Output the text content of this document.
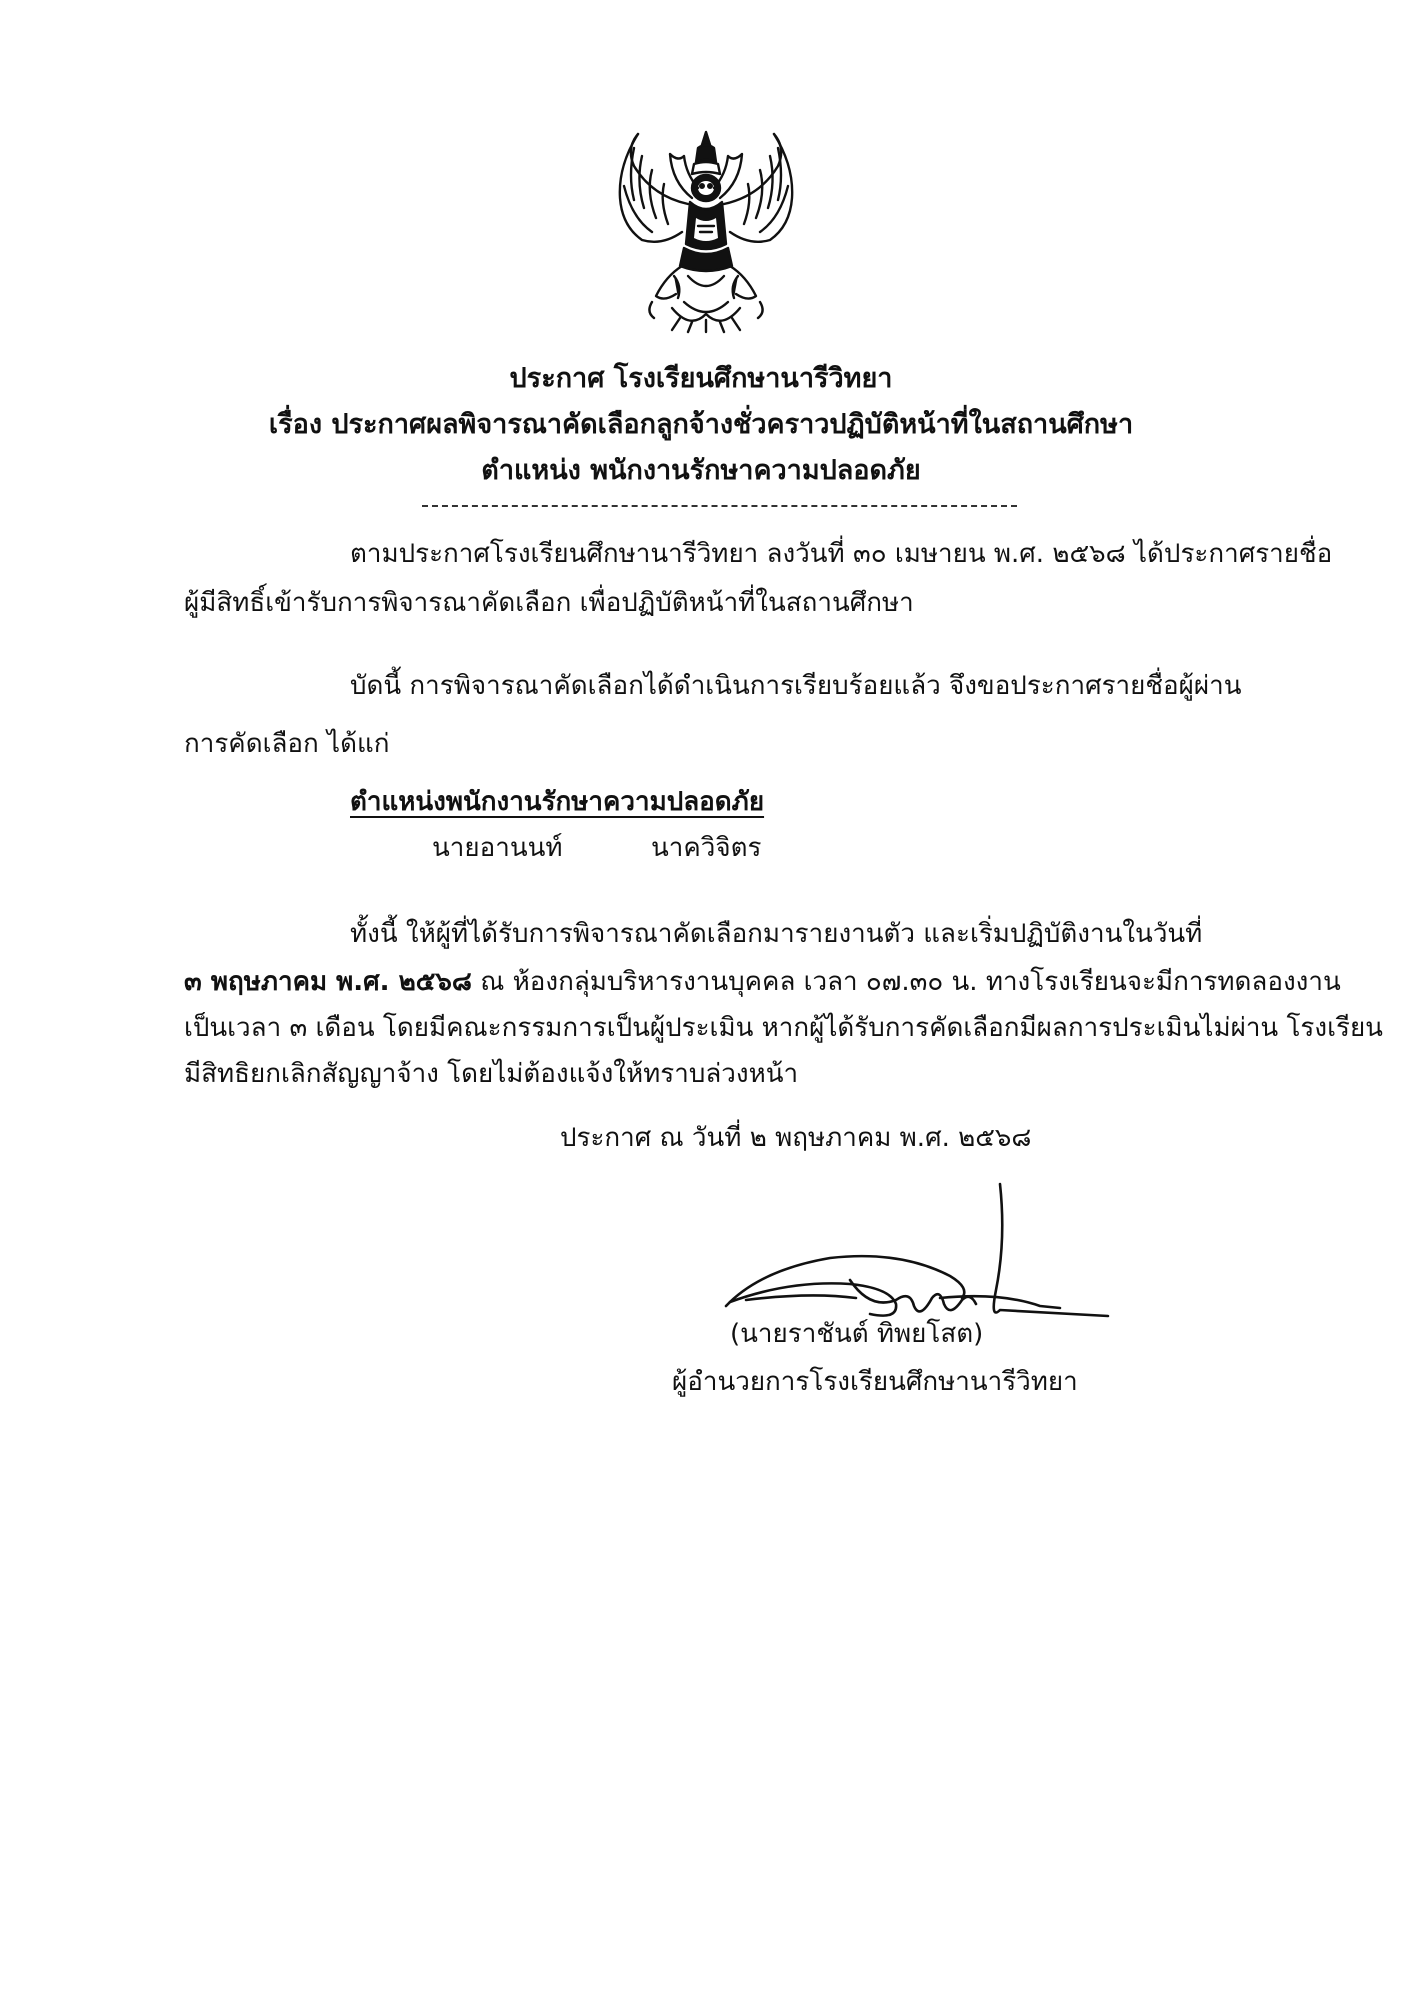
ประกาศ โรงเรียนศึกษานารีวิทยา
เรื่อง ประกาศผลพิจารณาคัดเลือกลูกจ้างชั่วคราวปฏิบัติหน้าที่ในสถานศึกษา
ตำแหน่ง พนักงานรักษาความปลอดภัย
ตามประกาศโรงเรียนศึกษานารีวิทยา ลงวันที่ ๓๐ เมษายน พ.ศ. ๒๕๖๘ ได้ประกาศรายชื่อ
ผู้มีสิทธิ์เข้ารับการพิจารณาคัดเลือก เพื่อปฏิบัติหน้าที่ในสถานศึกษา
บัดนี้ การพิจารณาคัดเลือกได้ดำเนินการเรียบร้อยแล้ว จึงขอประกาศรายชื่อผู้ผ่าน
การคัดเลือก ได้แก่
ตำแหน่งพนักงานรักษาความปลอดภัย
นายอานนท์	นาควิจิตร
ทั้งนี้ ให้ผู้ที่ได้รับการพิจารณาคัดเลือกมารายงานตัว และเริ่มปฏิบัติงานในวันที่
๓ พฤษภาคม พ.ศ. ๒๕๖๘ ณ ห้องกลุ่มบริหารงานบุคคล เวลา ๐๗.๓๐ น. ทางโรงเรียนจะมีการทดลองงาน
เป็นเวลา ๓ เดือน โดยมีคณะกรรมการเป็นผู้ประเมิน หากผู้ได้รับการคัดเลือกมีผลการประเมินไม่ผ่าน โรงเรียน
มีสิทธิยกเลิกสัญญาจ้าง โดยไม่ต้องแจ้งให้ทราบล่วงหน้า
ประกาศ ณ วันที่ ๒ พฤษภาคม พ.ศ. ๒๕๖๘
(นายราชันต์ ทิพยโสต)
ผู้อำนวยการโรงเรียนศึกษานารีวิทยา
